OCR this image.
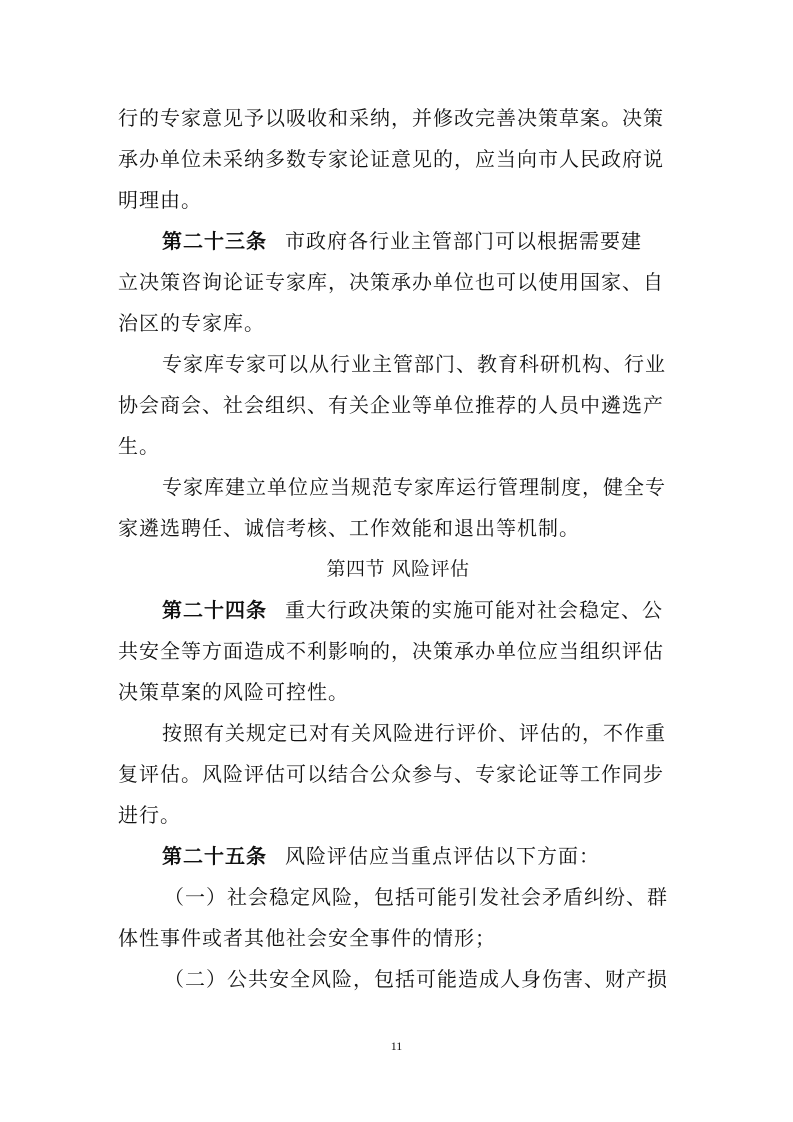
行的专家意见予以吸收和采纳，并修改完善决策草案。决策
承办单位未采纳多数专家论证意见的，应当向市人民政府说
明理由。
第二十三条 市政府各行业主管部门可以根据需要建
立决策咨询论证专家库，决策承办单位也可以使用国家、自
治区的专家库。
专家库专家可以从行业主管部门、教育科研机构、行业
协会商会、社会组织、有关企业等单位推荐的人员中遴选产
生。
专家库建立单位应当规范专家库运行管理制度，健全专
家遴选聘任、诚信考核、工作效能和退出等机制。
第四节 风险评估
第二十四条 重大行政决策的实施可能对社会稳定、公
共安全等方面造成不利影响的，决策承办单位应当组织评估
决策草案的风险可控性。
按照有关规定已对有关风险进行评价、评估的，不作重
复评估。风险评估可以结合公众参与、专家论证等工作同步
进行。
第二十五条 风险评估应当重点评估以下方面：
（一）社会稳定风险，包括可能引发社会矛盾纠纷、群
体性事件或者其他社会安全事件的情形；
（二）公共安全风险，包括可能造成人身伤害、财产损
11
